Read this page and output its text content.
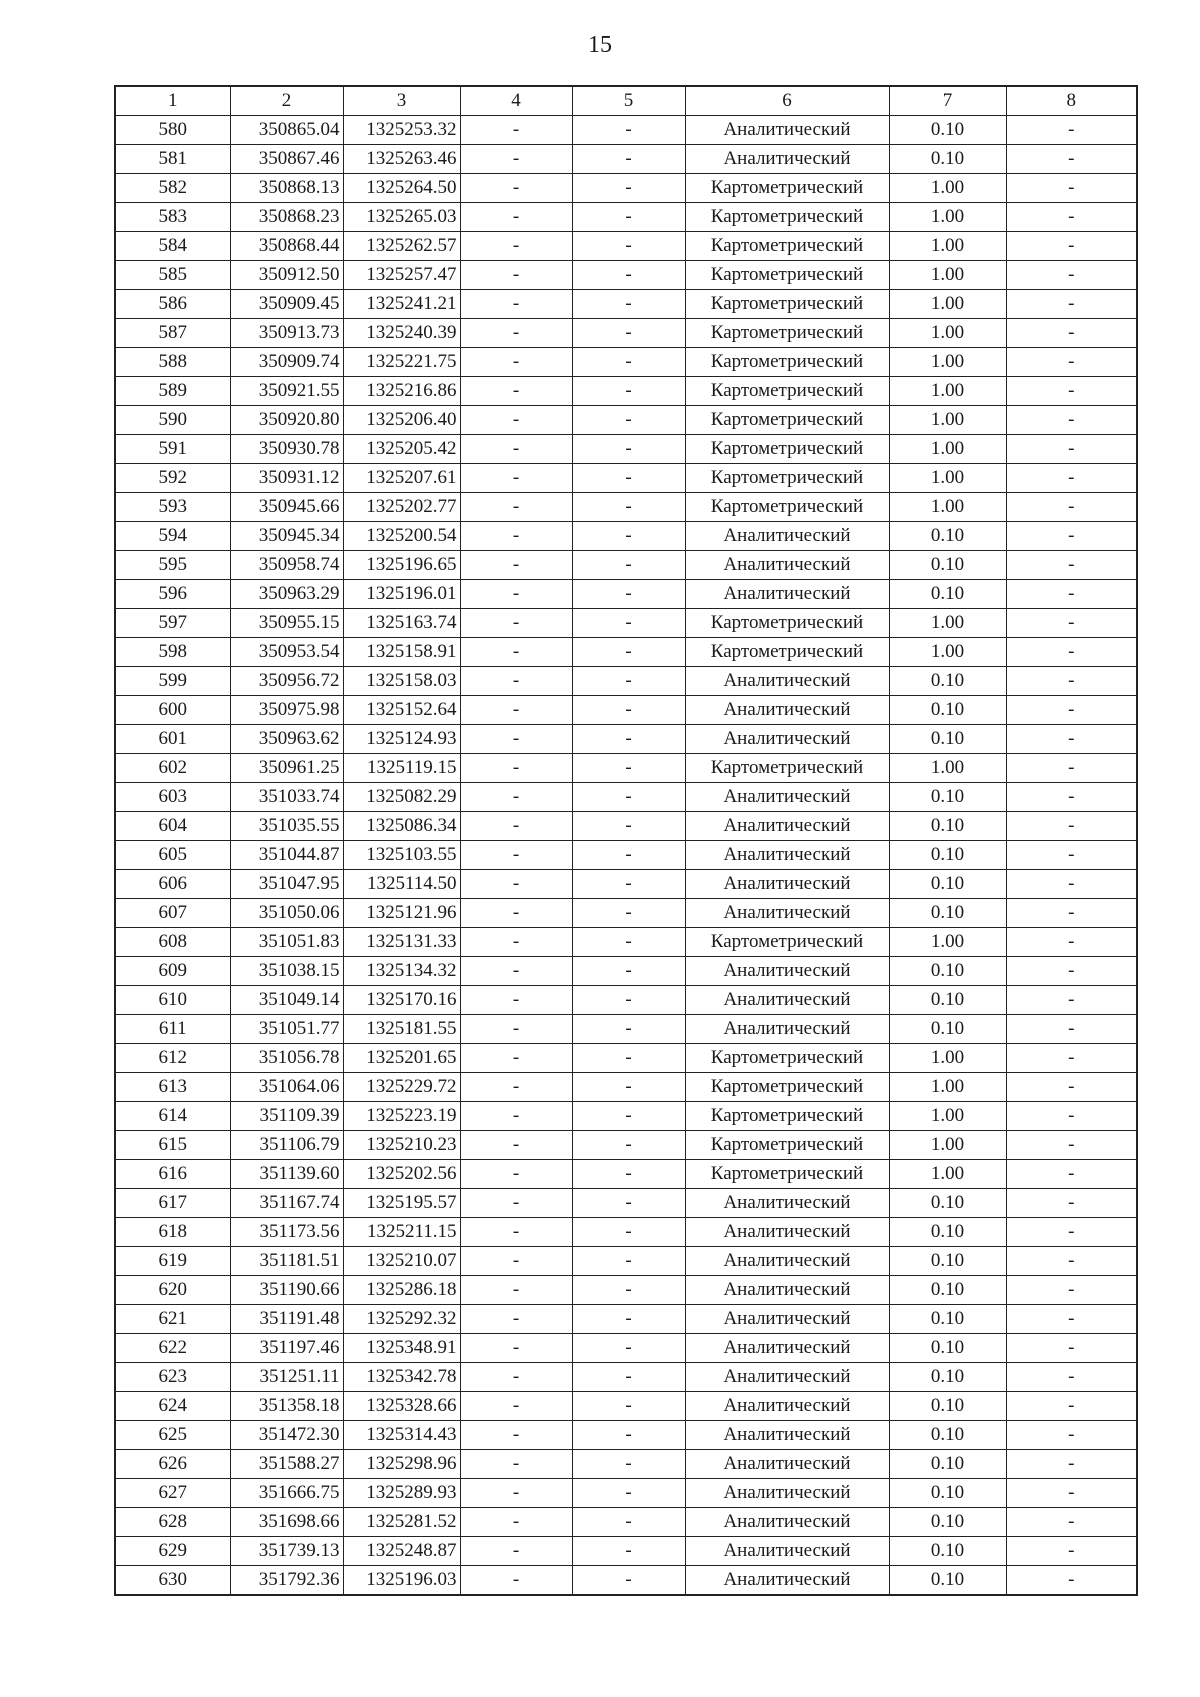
15
1	2	3	4	5	6	7	8
580	350865.04	1325253.32	-	-	Аналитический	0.10	-
581	350867.46	1325263.46	-	-	Аналитический	0.10	-
582	350868.13	1325264.50	-	-	Картометрический	1.00	-
583	350868.23	1325265.03	-	-	Картометрический	1.00	-
584	350868.44	1325262.57	-	-	Картометрический	1.00	-
585	350912.50	1325257.47	-	-	Картометрический	1.00	-
586	350909.45	1325241.21	-	-	Картометрический	1.00	-
587	350913.73	1325240.39	-	-	Картометрический	1.00	-
588	350909.74	1325221.75	-	-	Картометрический	1.00	-
589	350921.55	1325216.86	-	-	Картометрический	1.00	-
590	350920.80	1325206.40	-	-	Картометрический	1.00	-
591	350930.78	1325205.42	-	-	Картометрический	1.00	-
592	350931.12	1325207.61	-	-	Картометрический	1.00	-
593	350945.66	1325202.77	-	-	Картометрический	1.00	-
594	350945.34	1325200.54	-	-	Аналитический	0.10	-
595	350958.74	1325196.65	-	-	Аналитический	0.10	-
596	350963.29	1325196.01	-	-	Аналитический	0.10	-
597	350955.15	1325163.74	-	-	Картометрический	1.00	-
598	350953.54	1325158.91	-	-	Картометрический	1.00	-
599	350956.72	1325158.03	-	-	Аналитический	0.10	-
600	350975.98	1325152.64	-	-	Аналитический	0.10	-
601	350963.62	1325124.93	-	-	Аналитический	0.10	-
602	350961.25	1325119.15	-	-	Картометрический	1.00	-
603	351033.74	1325082.29	-	-	Аналитический	0.10	-
604	351035.55	1325086.34	-	-	Аналитический	0.10	-
605	351044.87	1325103.55	-	-	Аналитический	0.10	-
606	351047.95	1325114.50	-	-	Аналитический	0.10	-
607	351050.06	1325121.96	-	-	Аналитический	0.10	-
608	351051.83	1325131.33	-	-	Картометрический	1.00	-
609	351038.15	1325134.32	-	-	Аналитический	0.10	-
610	351049.14	1325170.16	-	-	Аналитический	0.10	-
611	351051.77	1325181.55	-	-	Аналитический	0.10	-
612	351056.78	1325201.65	-	-	Картометрический	1.00	-
613	351064.06	1325229.72	-	-	Картометрический	1.00	-
614	351109.39	1325223.19	-	-	Картометрический	1.00	-
615	351106.79	1325210.23	-	-	Картометрический	1.00	-
616	351139.60	1325202.56	-	-	Картометрический	1.00	-
617	351167.74	1325195.57	-	-	Аналитический	0.10	-
618	351173.56	1325211.15	-	-	Аналитический	0.10	-
619	351181.51	1325210.07	-	-	Аналитический	0.10	-
620	351190.66	1325286.18	-	-	Аналитический	0.10	-
621	351191.48	1325292.32	-	-	Аналитический	0.10	-
622	351197.46	1325348.91	-	-	Аналитический	0.10	-
623	351251.11	1325342.78	-	-	Аналитический	0.10	-
624	351358.18	1325328.66	-	-	Аналитический	0.10	-
625	351472.30	1325314.43	-	-	Аналитический	0.10	-
626	351588.27	1325298.96	-	-	Аналитический	0.10	-
627	351666.75	1325289.93	-	-	Аналитический	0.10	-
628	351698.66	1325281.52	-	-	Аналитический	0.10	-
629	351739.13	1325248.87	-	-	Аналитический	0.10	-
630	351792.36	1325196.03	-	-	Аналитический	0.10	-
